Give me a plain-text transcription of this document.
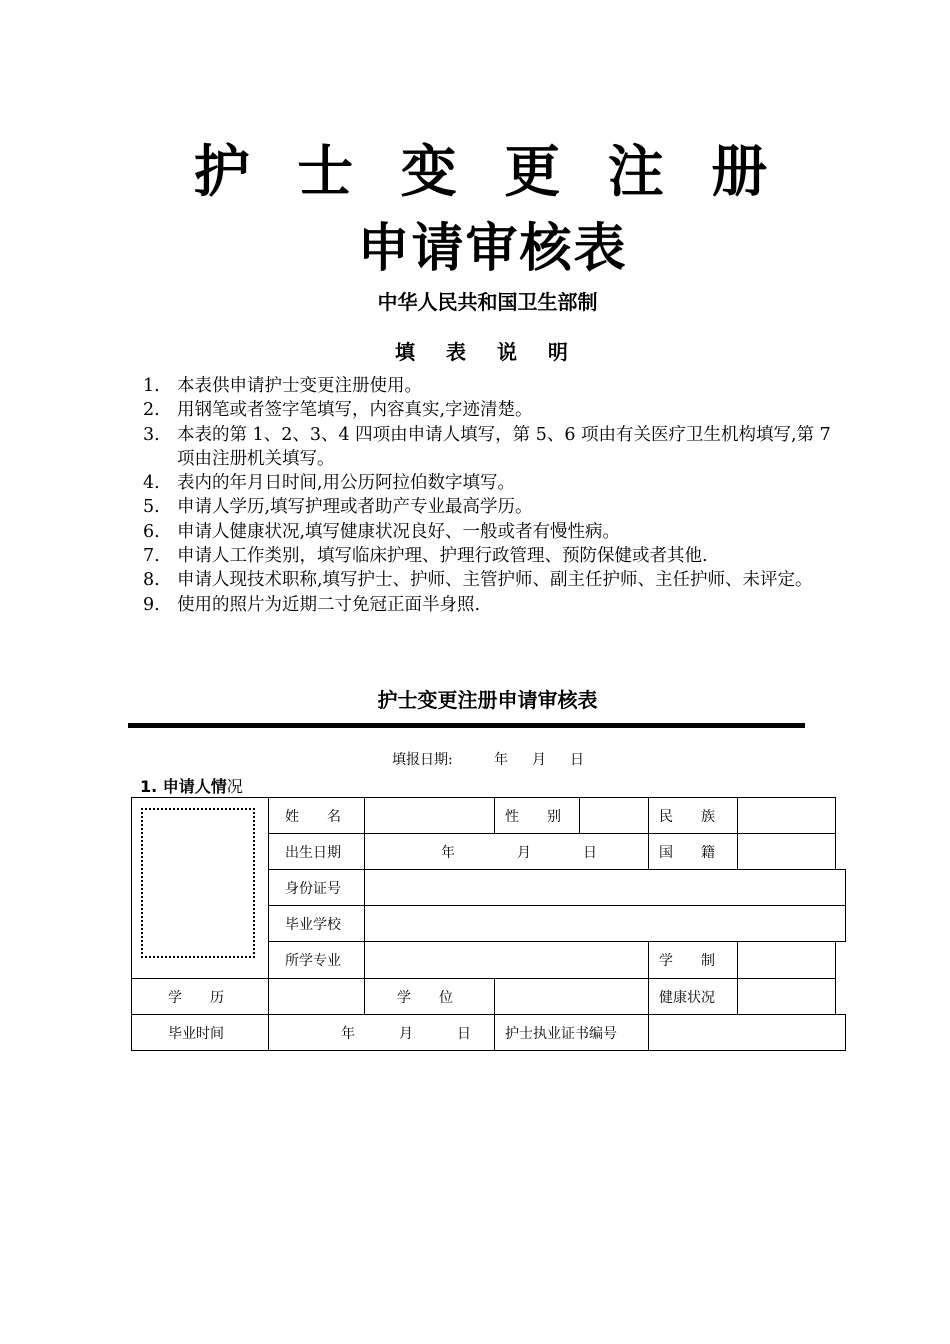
护 士 变 更 注 册
申请审核表
中华人民共和国卫生部制
填 表 说 明
1. 本表供申请护士变更注册使用。
2. 用钢笔或者签字笔填写，内容真实,字迹清楚。
3. 本表的第 1、2、3、4 四项由申请人填写，第 5、6 项由有关医疗卫生机构填写,第 7 项由注册机关填写。
4. 表内的年月日时间,用公历阿拉伯数字填写。
5. 申请人学历,填写护理或者助产专业最高学历。
6. 申请人健康状况,填写健康状况良好、一般或者有慢性病。
7. 申请人工作类别，填写临床护理、护理行政管理、预防保健或者其他.
8. 申请人现技术职称,填写护士、护师、主管护师、副主任护师、主任护师、未评定。
9. 使用的照片为近期二寸免冠正面半身照.
护士变更注册申请审核表
填报日期:	年 月 日
1. 申请人情况
姓　　名	性　　别	民　　族
出生日期	年	月	日	国　　籍
身份证号
毕业学校
所学专业	学　　制
学　　历	学　　位	健康状况
毕业时间	年	月	日 护士执业证书编号
